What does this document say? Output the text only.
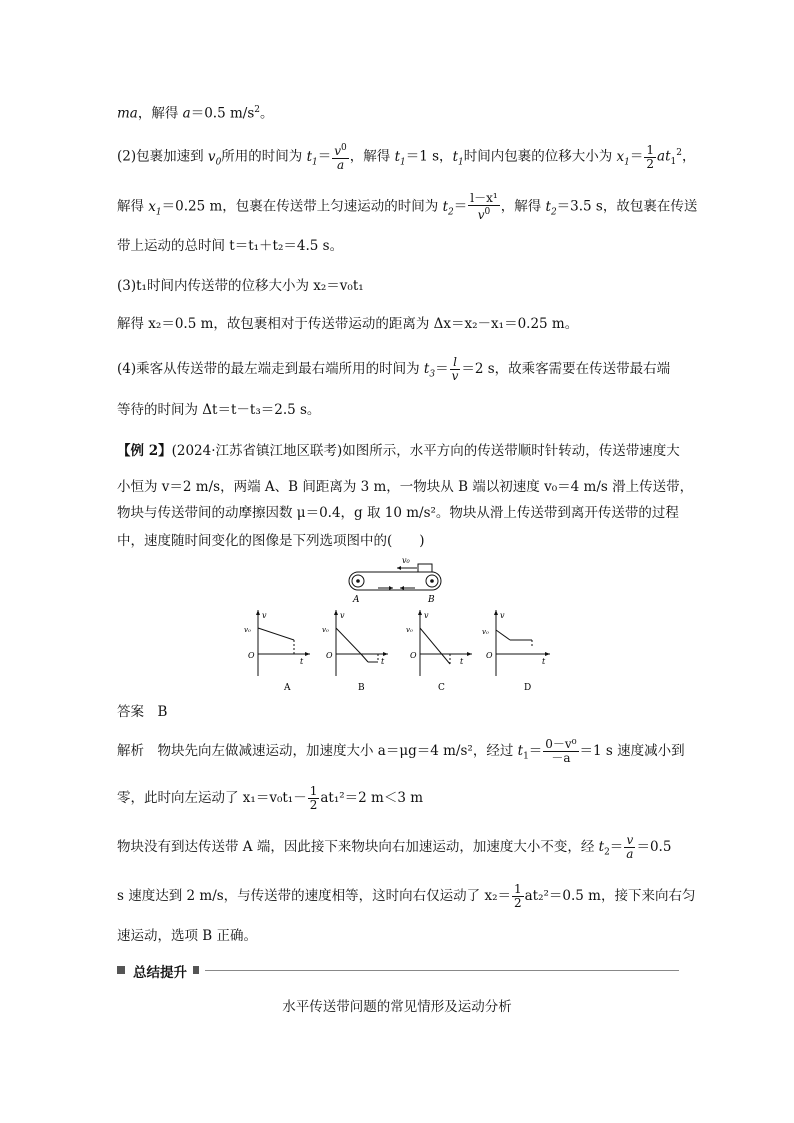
ma，解得 a＝0.5 $m/s^2$。
(2)包裹加速到 $v_0$所用的时间为 $t_1= \frac{v^0}{a}$ ，解得 $t_1=1$ s，$t_1$时间内包裹的位移大小为 $x_1= \frac{1}{2} at_1^2$，
解得 $x_1=0.25$ m，包裹在传送带上匀速运动的时间为 $t_2= \frac{\text{l－x¹}}{v^0}$ ，解得 $t_2=3.5$ s，故包裹在传送
带上运动的总时间 t＝t₁＋t₂＝4.5 s。
(3)t₁时间内传送带的位移大小为 x₂＝v₀t₁
解得 x₂＝0.5 m，故包裹相对于传送带运动的距离为 Δx＝x₂－x₁＝0.25 m。
(4)乘客从传送带的最左端走到最右端所用的时间为 $t_3= \frac{l}{v} =2$ s，故乘客需要在传送带最右端
等待的时间为 Δt＝t－t₃＝2.5 s。
【例 2】(2024·江苏省镇江地区联考)如图所示，水平方向的传送带顺时针转动，传送带速度大
小恒为 v＝2 m/s，两端 A、B 间距离为 3 m，一物块从 B 端以初速度 v₀＝4 m/s 滑上传送带，
物块与传送带间的动摩擦因数 μ＝0.4，g 取 10 m/s²。物块从滑上传送带到离开传送带的过程
中，速度随时间变化的图像是下列选项图中的(　　)
v₀
A	B
v
v₀
O
t
A
v
v₀
O
t
B
v
v₀
O
t
C
v
v₀
O
t
D
答案　 B
解析　物块先向左做减速运动，加速度大小 a＝μg＝4 m/s²，经过 $t_1= \frac{\text{0－v⁰}}{-a} =1$ s 速度减小到
零，此时向左运动了 $x_1=v_0t_1- \frac{1}{2} at_1^2=2$ m＜3 m
物块没有到达传送带 A 端，因此接下来物块向右加速运动，加速度大小不变，经 $t_2= \frac{v}{a} =0.5$
s 速度达到 2 m/s，与传送带的速度相等，这时向右仅运动了 $x_2= \frac{1}{2} at_2^2=0.5$ m，接下来向右匀
速运动，选项 B 正确。
总结提升
水平传送带问题的常见情形及运动分析
